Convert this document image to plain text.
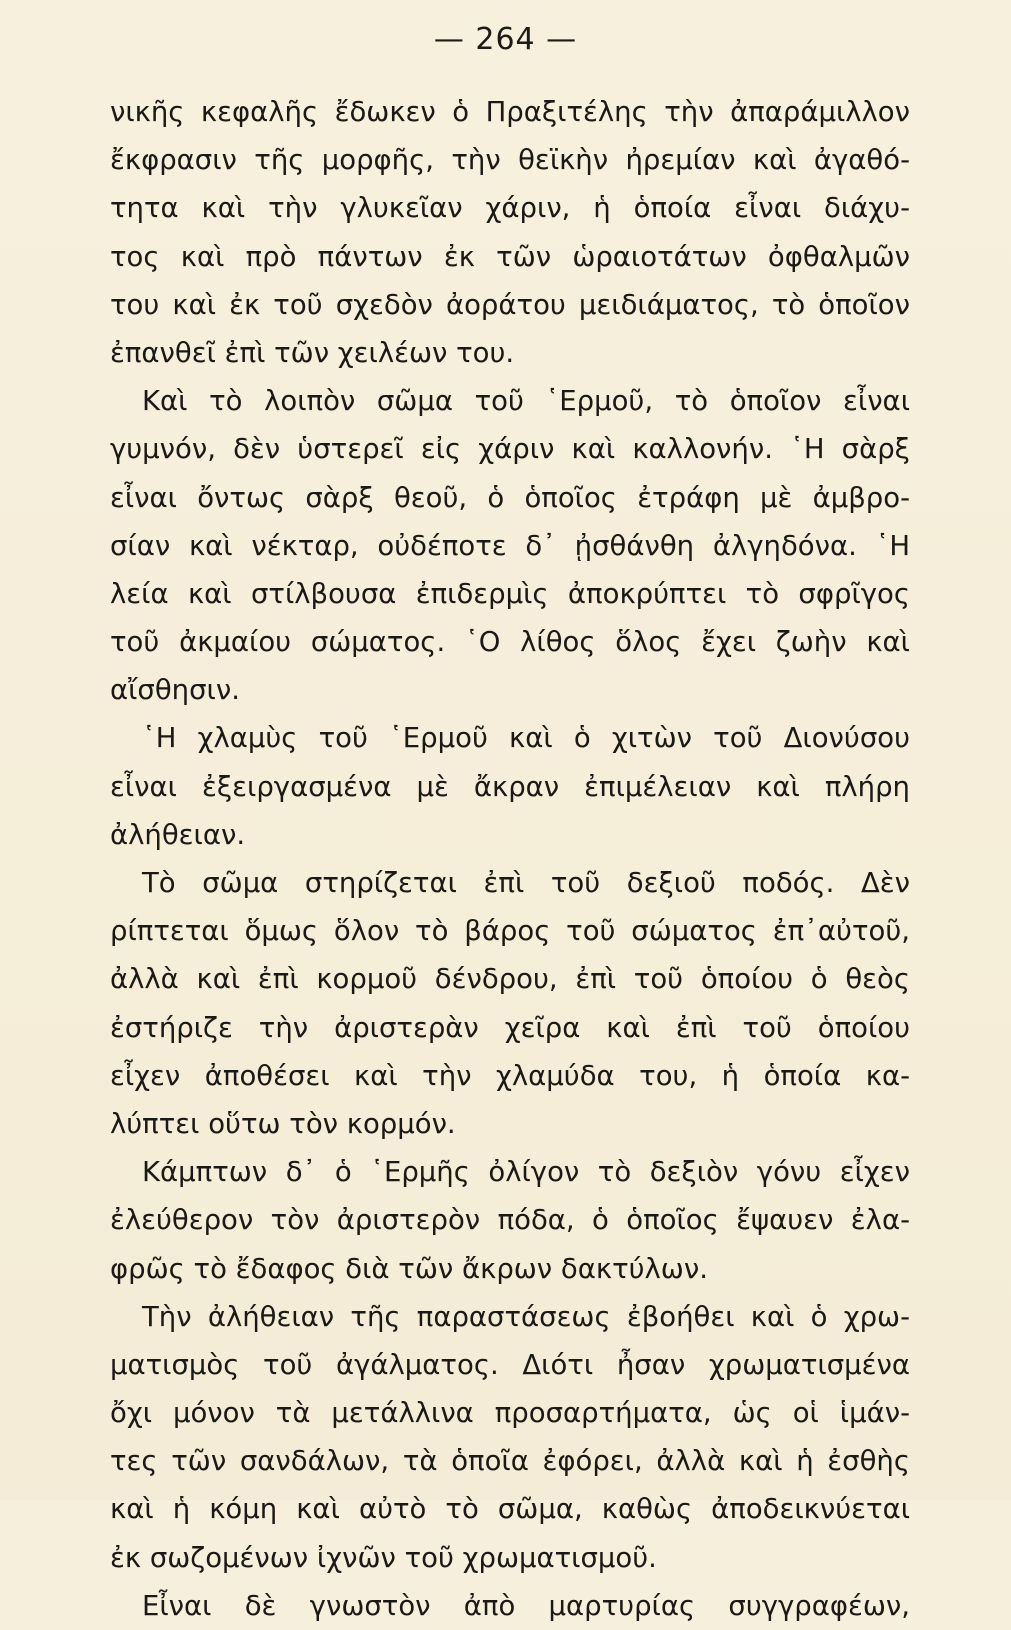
— 264 —
νικῆς κεφαλῆς ἔδωκεν ὁ Πραξιτέλης τὴν ἀπαράμιλλον
ἔκφρασιν τῆς μορφῆς, τὴν θεϊκὴν ἠρεμίαν καὶ ἀγαθό-
τητα καὶ τὴν γλυκεῖαν χάριν, ἡ ὁποία εἶναι διάχυ-
τος καὶ πρὸ πάντων ἐκ τῶν ὡραιοτάτων ὀφθαλμῶν
του καὶ ἐκ τοῦ σχεδὸν ἀοράτου μειδιάματος, τὸ ὁποῖον
ἐπανθεῖ ἐπὶ τῶν χειλέων του.
Καὶ τὸ λοιπὸν σῶμα τοῦ ῾Ερμοῦ, τὸ ὁποῖον εἶναι
γυμνόν, δὲν ὑστερεῖ εἰς χάριν καὶ καλλονήν. ῾Η σὰρξ
εἶναι ὄντως σὰρξ θεοῦ, ὁ ὁποῖος ἐτράφη μὲ ἀμβρο-
σίαν καὶ νέκταρ, οὐδέποτε δ᾿ ᾐσθάνθη ἀλγηδόνα. ῾Η
λεία καὶ στίλβουσα ἐπιδερμὶς ἀποκρύπτει τὸ σφρῖγος
τοῦ ἀκμαίου σώματος. ῾Ο λίθος ὅλος ἔχει ζωὴν καὶ
αἴσθησιν.
῾Η χλαμὺς τοῦ ῾Ερμοῦ καὶ ὁ χιτὼν τοῦ Διονύσου
εἶναι ἐξειργασμένα μὲ ἄκραν ἐπιμέλειαν καὶ πλήρη
ἀλήθειαν.
Τὸ σῶμα στηρίζεται ἐπὶ τοῦ δεξιοῦ ποδός. Δὲν
ρίπτεται ὅμως ὅλον τὸ βάρος τοῦ σώματος ἐπ᾿αὐτοῦ,
ἀλλὰ καὶ ἐπὶ κορμοῦ δένδρου, ἐπὶ τοῦ ὁποίου ὁ θεὸς
ἐστήριζε τὴν ἀριστερὰν χεῖρα καὶ ἐπὶ τοῦ ὁποίου
εἶχεν ἀποθέσει καὶ τὴν χλαμύδα του, ἡ ὁποία κα-
λύπτει οὕτω τὸν κορμόν.
Κάμπτων δ᾿ ὁ ῾Ερμῆς ὀλίγον τὸ δεξιὸν γόνυ εἶχεν
ἐλεύθερον τὸν ἀριστερὸν πόδα, ὁ ὁποῖος ἔψαυεν ἐλα-
φρῶς τὸ ἔδαφος διὰ τῶν ἄκρων δακτύλων.
Τὴν ἀλήθειαν τῆς παραστάσεως ἐβοήθει καὶ ὁ χρω-
ματισμὸς τοῦ ἀγάλματος. Διότι ἦσαν χρωματισμένα
ὄχι μόνον τὰ μετάλλινα προσαρτήματα, ὡς οἱ ἱμάν-
τες τῶν σανδάλων, τὰ ὁποῖα ἐφόρει, ἀλλὰ καὶ ἡ ἐσθὴς
καὶ ἡ κόμη καὶ αὐτὸ τὸ σῶμα, καθὼς ἀποδεικνύεται
ἐκ σωζομένων ἰχνῶν τοῦ χρωματισμοῦ.
Εἶναι δὲ γνωστὸν ἀπὸ μαρτυρίας συγγραφέων,
